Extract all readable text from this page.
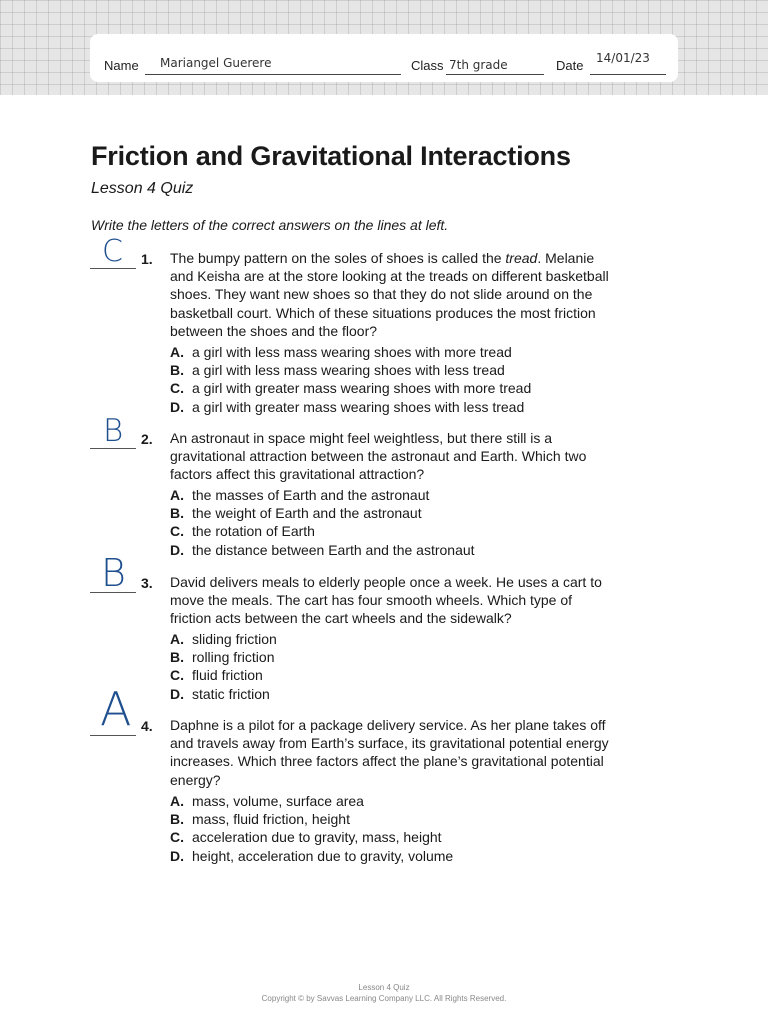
Name Mariangel Guerere	Class 7th grade	Date 14/01/23
Friction and Gravitational Interactions
Lesson 4 Quiz
Write the letters of the correct answers on the lines at left.
C 1. The bumpy pattern on the soles of shoes is called the tread. Melanie and Keisha are at the store looking at the treads on different basketball shoes. They want new shoes so that they do not slide around on the basketball court. Which of these situations produces the most friction between the shoes and the floor?
A. a girl with less mass wearing shoes with more tread
B. a girl with less mass wearing shoes with less tread
C. a girl with greater mass wearing shoes with more tread
D. a girl with greater mass wearing shoes with less tread
B 2. An astronaut in space might feel weightless, but there still is a gravitational attraction between the astronaut and Earth. Which two factors affect this gravitational attraction?
A. the masses of Earth and the astronaut
B. the weight of Earth and the astronaut
C. the rotation of Earth
D. the distance between Earth and the astronaut
B 3. David delivers meals to elderly people once a week. He uses a cart to move the meals. The cart has four smooth wheels. Which type of friction acts between the cart wheels and the sidewalk?
A. sliding friction
B. rolling friction
C. fluid friction
D. static friction
A 4. Daphne is a pilot for a package delivery service. As her plane takes off and travels away from Earth’s surface, its gravitational potential energy increases. Which three factors affect the plane’s gravitational potential energy?
A. mass, volume, surface area
B. mass, fluid friction, height
C. acceleration due to gravity, mass, height
D. height, acceleration due to gravity, volume
Lesson 4 Quiz
Copyright © by Savvas Learning Company LLC. All Rights Reserved.
